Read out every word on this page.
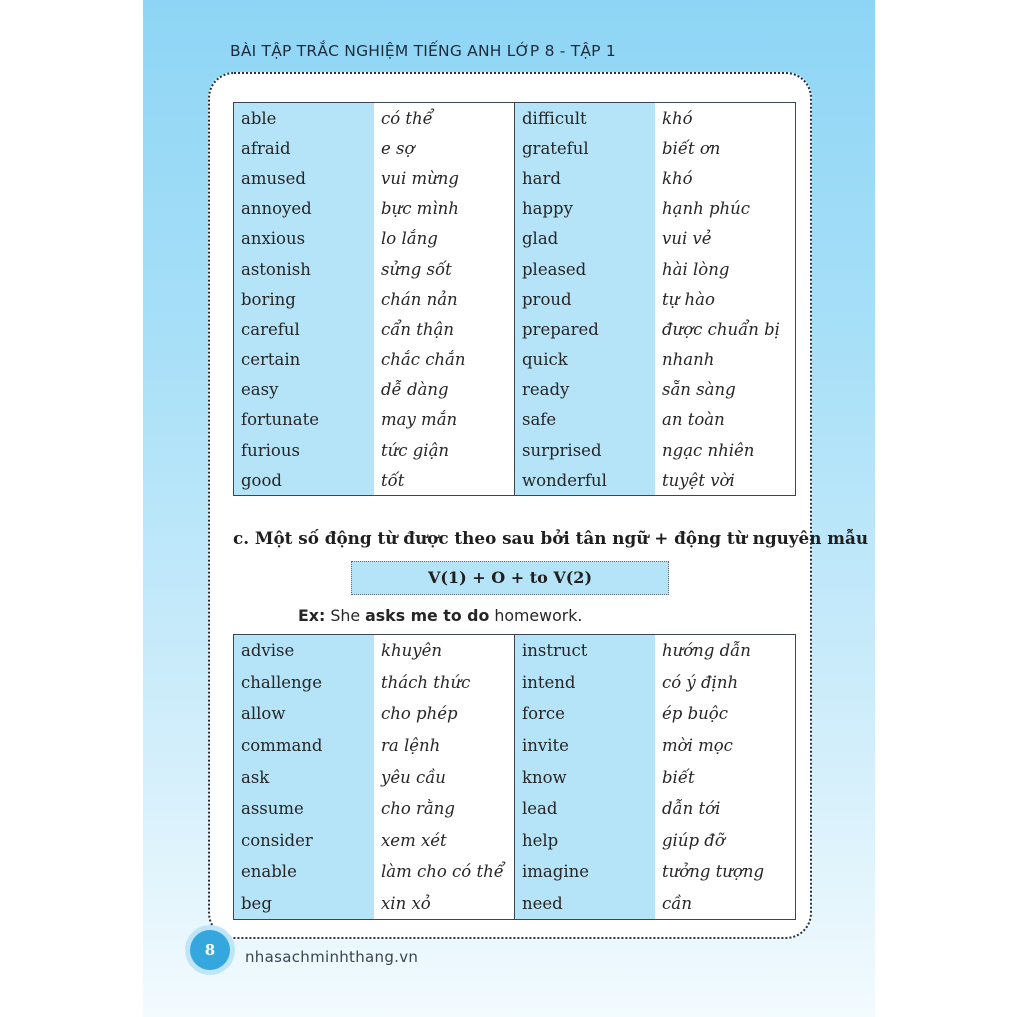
BÀI TẬP TRẮC NGHIỆM TIẾNG ANH LỚP 8 - TẬP 1
able	có thể	difficult	khó
afraid	e sợ	grateful	biết ơn
amused	vui mừng	hard	khó
annoyed	bực mình	happy	hạnh phúc
anxious	lo lắng	glad	vui vẻ
astonish	sửng sốt	pleased	hài lòng
boring	chán nản	proud	tự hào
careful	cẩn thận	prepared	được chuẩn bị
certain	chắc chắn	quick	nhanh
easy	dễ dàng	ready	sẵn sàng
fortunate	may mắn	safe	an toàn
furious	tức giận	surprised	ngạc nhiên
good	tốt	wonderful	tuyệt vời
c. Một số động từ được theo sau bởi tân ngữ + động từ nguyên mẫu
V(1) + O + to V(2)
Ex: She asks me to do homework.
advise	khuyên	instruct	hướng dẫn
challenge	thách thức	intend	có ý định
allow	cho phép	force	ép buộc
command	ra lệnh	invite	mời mọc
ask	yêu cầu	know	biết
assume	cho rằng	lead	dẫn tới
consider	xem xét	help	giúp đỡ
enable	làm cho có thể	imagine	tưởng tượng
beg	xin xỏ	need	cần
8	nhasachminhthang.vn
